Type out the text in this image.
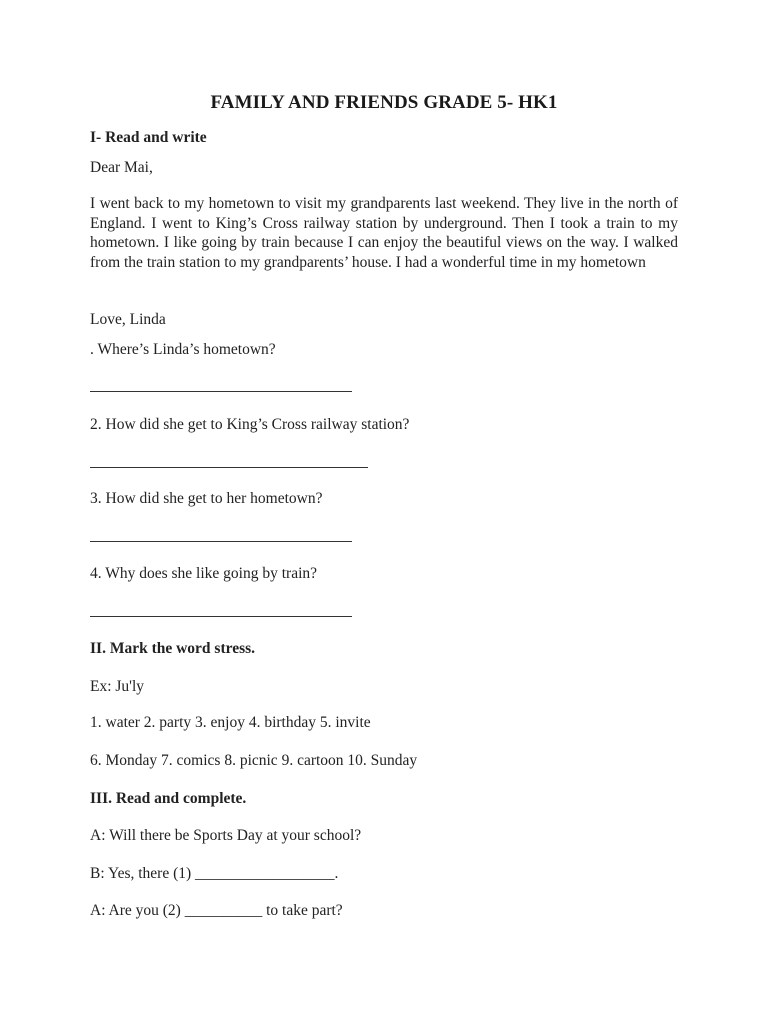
FAMILY AND FRIENDS GRADE 5- HK1
I- Read and write
Dear Mai,
I went back to my hometown to visit my grandparents last weekend. They live in the north of England. I went to King’s Cross railway station by underground. Then I took a train to my hometown. I like going by train because I can enjoy the beautiful views on the way. I walked from the train station to my grandparents’ house. I had a wonderful time in my hometown
Love, Linda
. Where’s Linda’s hometown?
2. How did she get to King’s Cross railway station?
3. How did she get to her hometown?
4. Why does she like going by train?
II. Mark the word stress.
Ex: Ju'ly
1. water 2. party 3. enjoy 4. birthday 5. invite
6. Monday 7. comics 8. picnic 9. cartoon 10. Sunday
III. Read and complete.
A: Will there be Sports Day at your school?
B: Yes, there (1) __________________.
A: Are you (2) __________ to take part?
